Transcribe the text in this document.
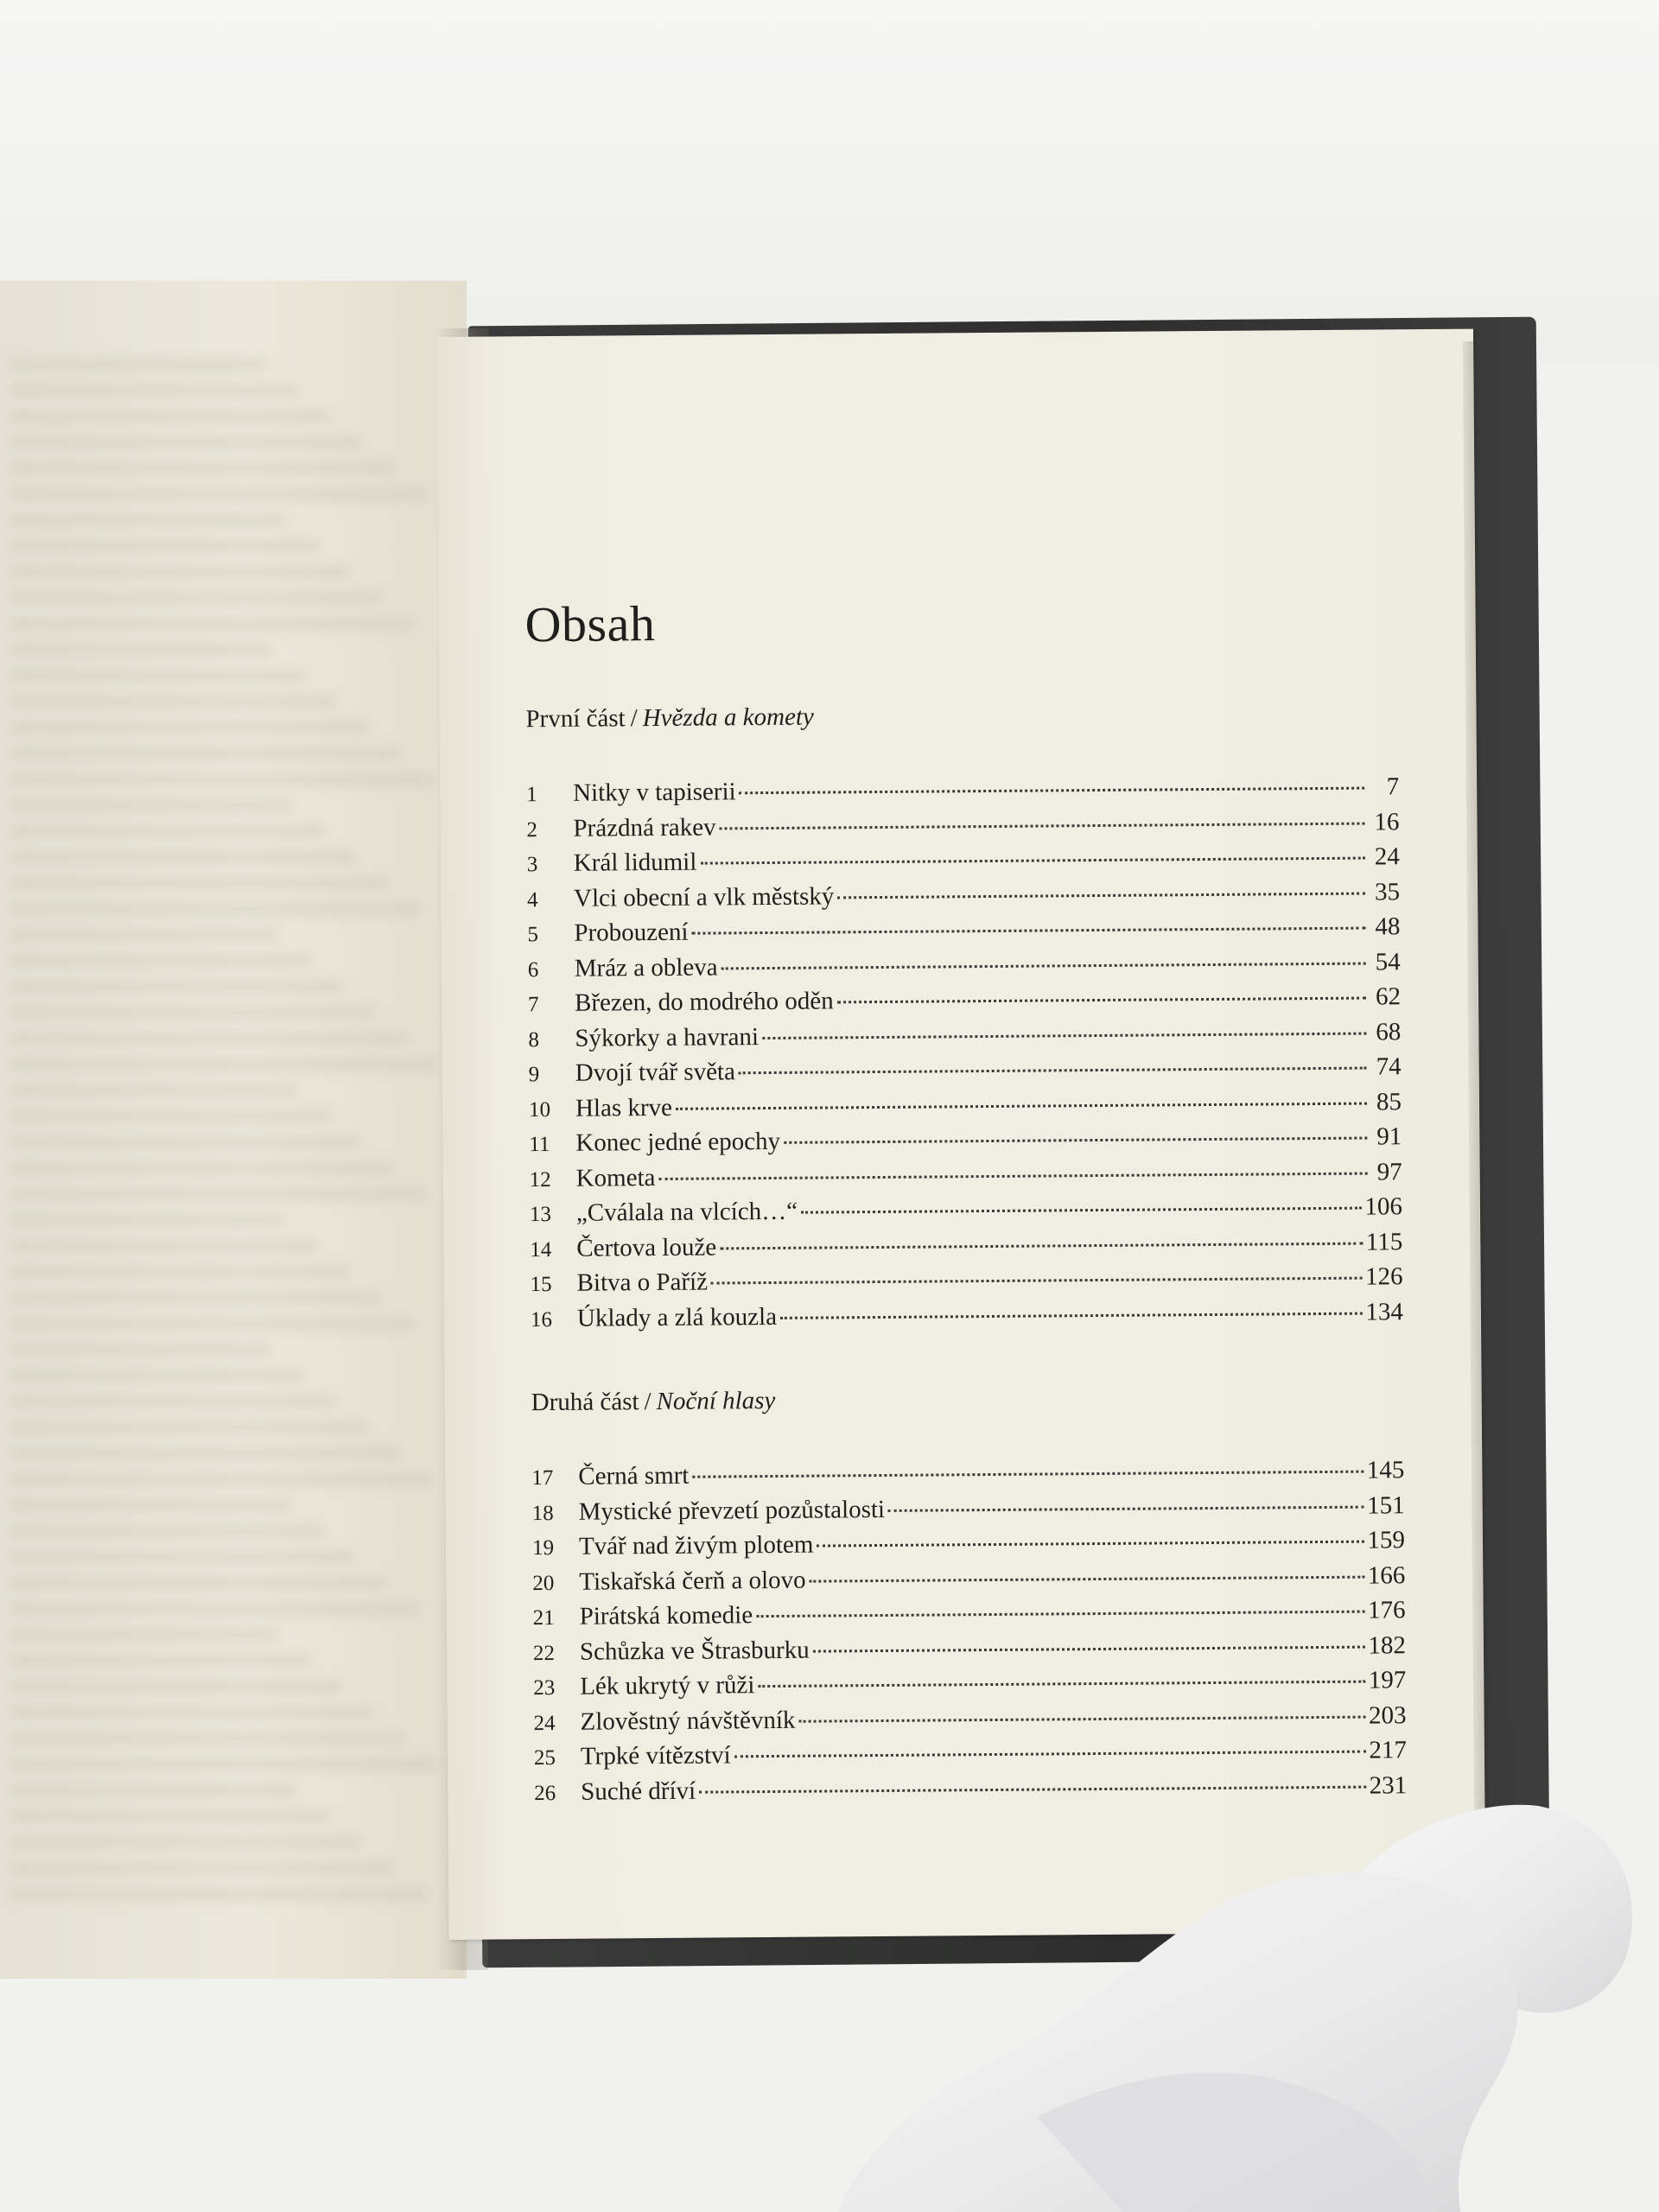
Obsah
První část / Hvězda a komety
1	Nitky v tapiserii	7
2	Prázdná rakev	16
3	Král lidumil	24
4	Vlci obecní a vlk městský	35
5	Probouzení	48
6	Mráz a obleva	54
7	Březen, do modrého oděn	62
8	Sýkorky a havrani	68
9	Dvojí tvář světa	74
10 Hlas krve	85
11	Konec jedné epochy	91
12 Kometa	97
13 „Cválala na vlcích…“	106
14 Čertova louže	115
15 Bitva o Paříž	126
16 Úklady a zlá kouzla	134
Druhá část / Noční hlasy
17 Černá smrt	145
18 Mystické převzetí pozůstalosti	151
19 Tvář nad živým plotem	159
20 Tiskařská čerň a olovo	166
21 Pirátská komedie	176
22 Schůzka ve Štrasburku	182
23 Lék ukrytý v růži	197
24 Zlověstný návštěvník	203
25 Trpké vítězství	217
26 Suché dříví	231
